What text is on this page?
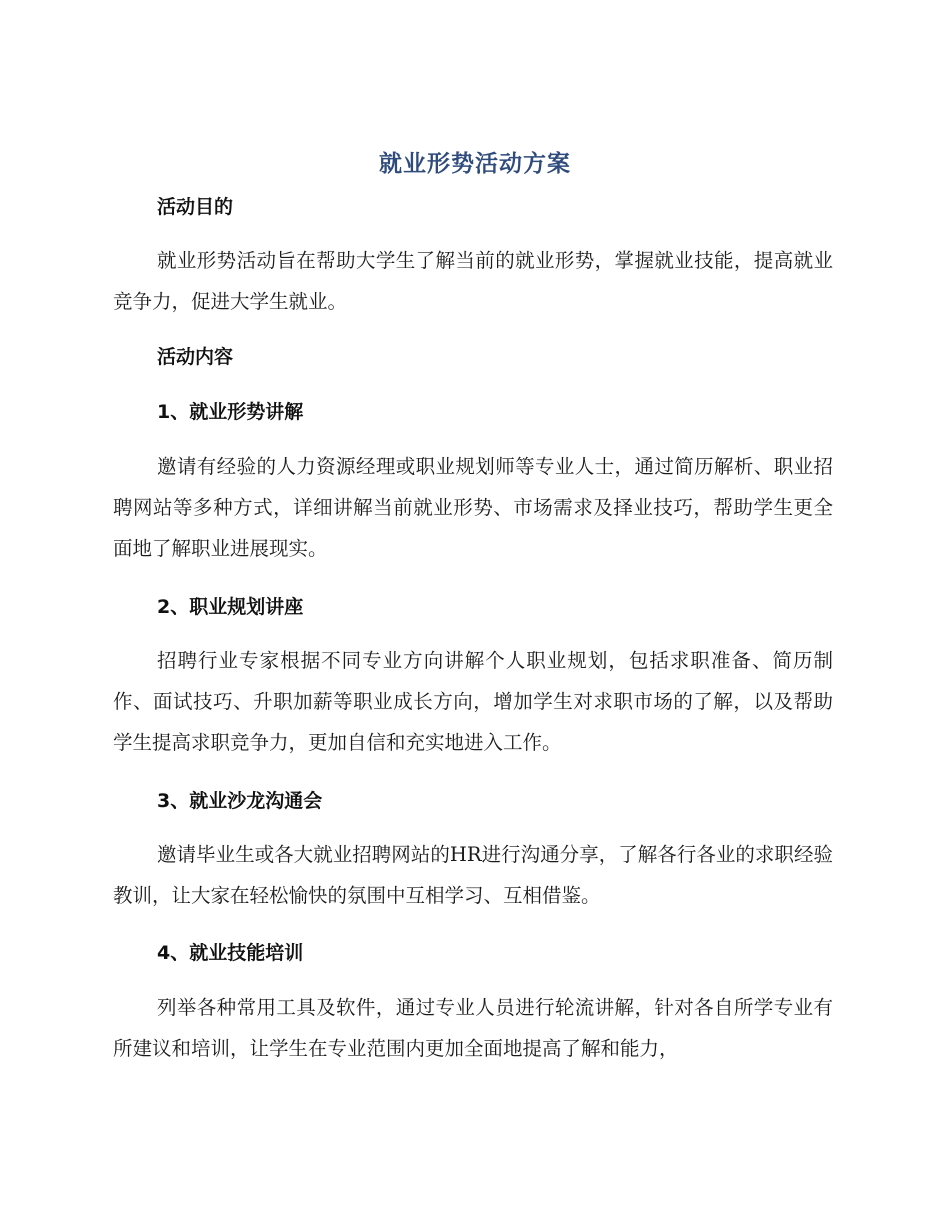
就业形势活动方案
活动目的
就业形势活动旨在帮助大学生了解当前的就业形势，掌握就业技能，提高就业竞争力，促进大学生就业。
活动内容
1、就业形势讲解
邀请有经验的人力资源经理或职业规划师等专业人士，通过简历解析、职业招聘网站等多种方式，详细讲解当前就业形势、市场需求及择业技巧，帮助学生更全面地了解职业进展现实。
2、职业规划讲座
招聘行业专家根据不同专业方向讲解个人职业规划，包括求职准备、简历制作、面试技巧、升职加薪等职业成长方向，增加学生对求职市场的了解，以及帮助学生提高求职竞争力，更加自信和充实地进入工作。
3、就业沙龙沟通会
邀请毕业生或各大就业招聘网站的HR进行沟通分享，了解各行各业的求职经验教训，让大家在轻松愉快的氛围中互相学习、互相借鉴。
4、就业技能培训
列举各种常用工具及软件，通过专业人员进行轮流讲解，针对各自所学专业有所建议和培训，让学生在专业范围内更加全面地提高了解和能力，
